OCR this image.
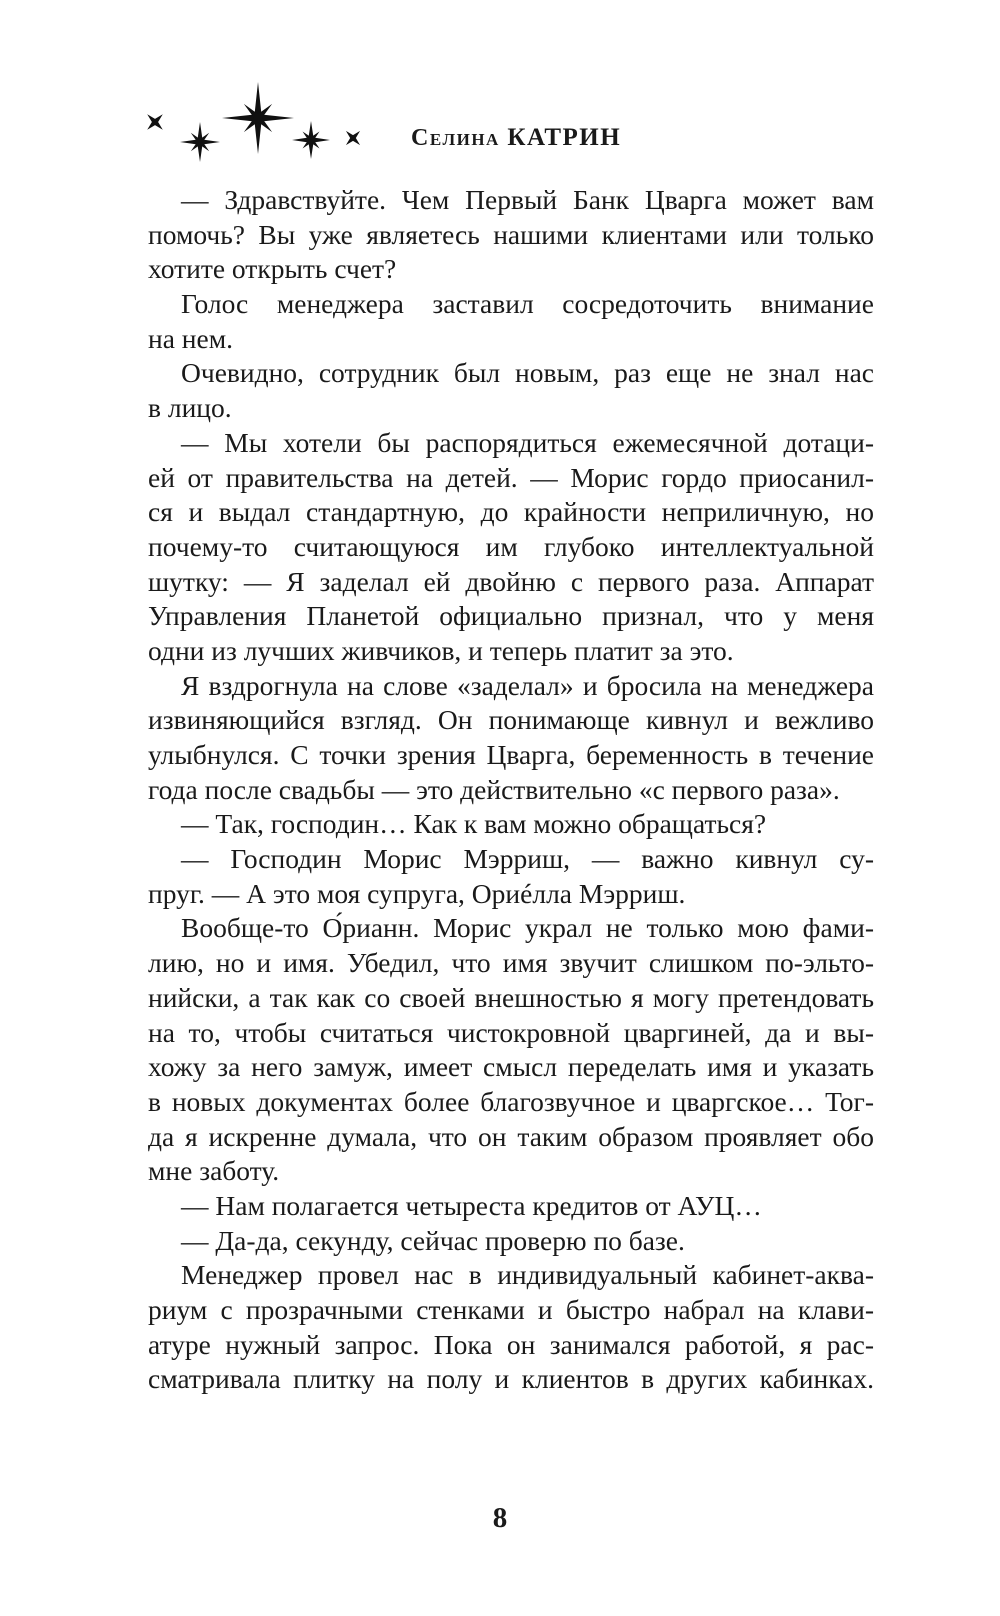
Селина КАТРИН
— Здравствуйте. Чем Первый Банк Цварга может вам
помочь? Вы уже являетесь нашими клиентами или только
хотите открыть счет?
Голос менеджера заставил сосредоточить внимание
на нем.
Очевидно, сотрудник был новым, раз еще не знал нас
в лицо.
— Мы хотели бы распорядиться ежемесячной дотаци-
ей от правительства на детей. — Морис гордо приосанил-
ся и выдал стандартную, до крайности неприличную, но
почему-то считающуюся им глубоко интеллектуальной
шутку: — Я заделал ей двойню с первого раза. Аппарат
Управления Планетой официально признал, что у меня
одни из лучших живчиков, и теперь платит за это.
Я вздрогнула на слове «заделал» и бросила на менеджера
извиняющийся взгляд. Он понимающе кивнул и вежливо
улыбнулся. С точки зрения Цварга, беременность в течение
года после свадьбы — это действительно «с первого раза».
— Так, господин… Как к вам можно обращаться?
— Господин Морис Мэрриш, — важно кивнул су-
пруг. — А это моя супруга, Ориéлла Мэрриш.
Вообще-то О́рианн. Морис украл не только мою фами-
лию, но и имя. Убедил, что имя звучит слишком по-эльто-
нийски, а так как со своей внешностью я могу претендовать
на то, чтобы считаться чистокровной цваргиней, да и вы-
хожу за него замуж, имеет смысл переделать имя и указать
в новых документах более благозвучное и цваргское… Тог-
да я искренне думала, что он таким образом проявляет обо
мне заботу.
— Нам полагается четыреста кредитов от АУЦ…
— Да-да, секунду, сейчас проверю по базе.
Менеджер провел нас в индивидуальный кабинет-аква-
риум с прозрачными стенками и быстро набрал на клави-
атуре нужный запрос. Пока он занимался работой, я рас-
сматривала плитку на полу и клиентов в других кабинках.
8
